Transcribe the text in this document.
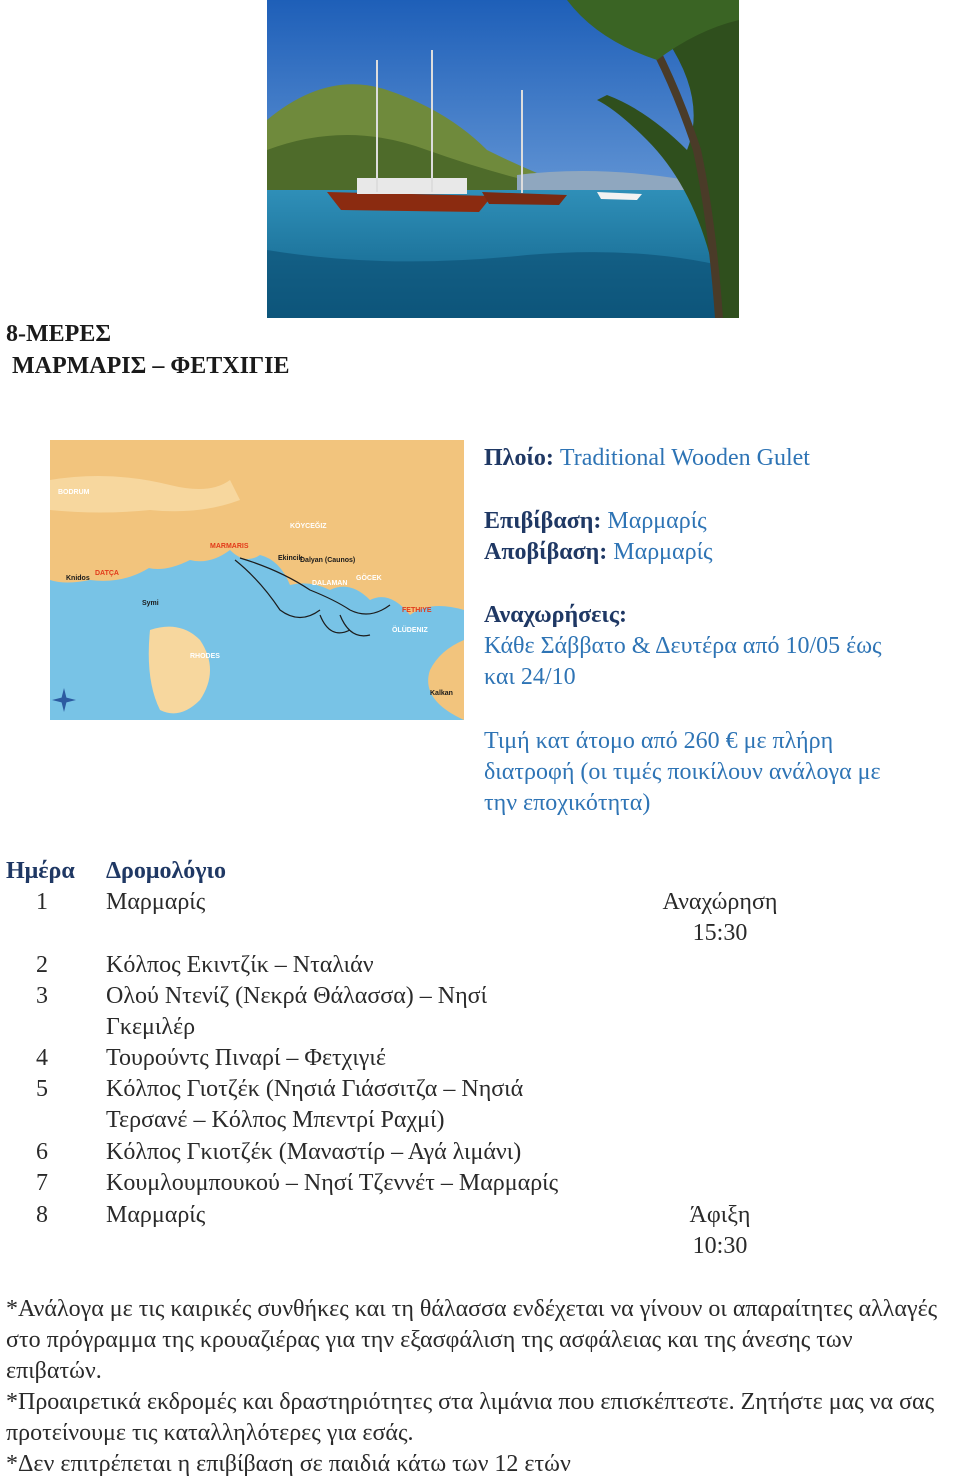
8-ΜΕΡΕΣ
ΜΑΡΜΑΡΙΣ – ΦΕΤΧΙΓΙΕ
BODRUM
KÖYCEĞIZ
MARMARIS
DATÇA
DALAMAN
GÖCEK
FETHIYE
ÖLÜDENIZ
RHODES
Kalkan
Knidos
Symi
Ekincik
Dalyan (Caunos)
Πλοίο: Traditional Wooden Gulet
Επιβίβαση: Μαρμαρίς
Αποβίβαση: Μαρμαρίς
Αναχωρήσεις:
Κάθε Σάββατο & Δευτέρα από 10/05 έως
και 24/10
Τιμή κατ άτομο από 260 € με πλήρη
διατροφή (οι τιμές ποικίλουν ανάλογα με
την εποχικότητα)
Ημέρα Δρομολόγιο
1 Μαρμαρίς	Αναχώρηση
15:30
2 Κόλπος Εκιντζίκ – Νταλιάν
3 Ολού Ντενίζ (Νεκρά Θάλασσα) – Νησί
Γκεμιλέρ
4 Τουρούντς Πιναρί – Φετχιγιέ
5 Κόλπος Γιοτζέκ (Νησιά Γιάσσιτζα – Νησιά
Τερσανέ – Κόλπος Μπεντρί Ραχμί)
6 Κόλπος Γκιοτζέκ (Μαναστίρ – Αγά λιμάνι)
7 Κουμλουμπουκού – Νησί Τζεννέτ – Μαρμαρίς
8 Μαρμαρίς	Άφιξη
10:30

*Ανάλογα με τις καιρικές συνθήκες και τη θάλασσα ενδέχεται να γίνουν οι απαραίτητες αλλαγές στο πρόγραμμα της κρουαζιέρας για την εξασφάλιση της ασφάλειας και της άνεσης των επιβατών.

*Προαιρετικά εκδρομές και δραστηριότητες στα λιμάνια που επισκέπτεστε. Ζητήστε μας να σας προτείνουμε τις καταλληλότερες για εσάς.

*Δεν επιτρέπεται η επιβίβαση σε παιδιά κάτω των 12 ετών
